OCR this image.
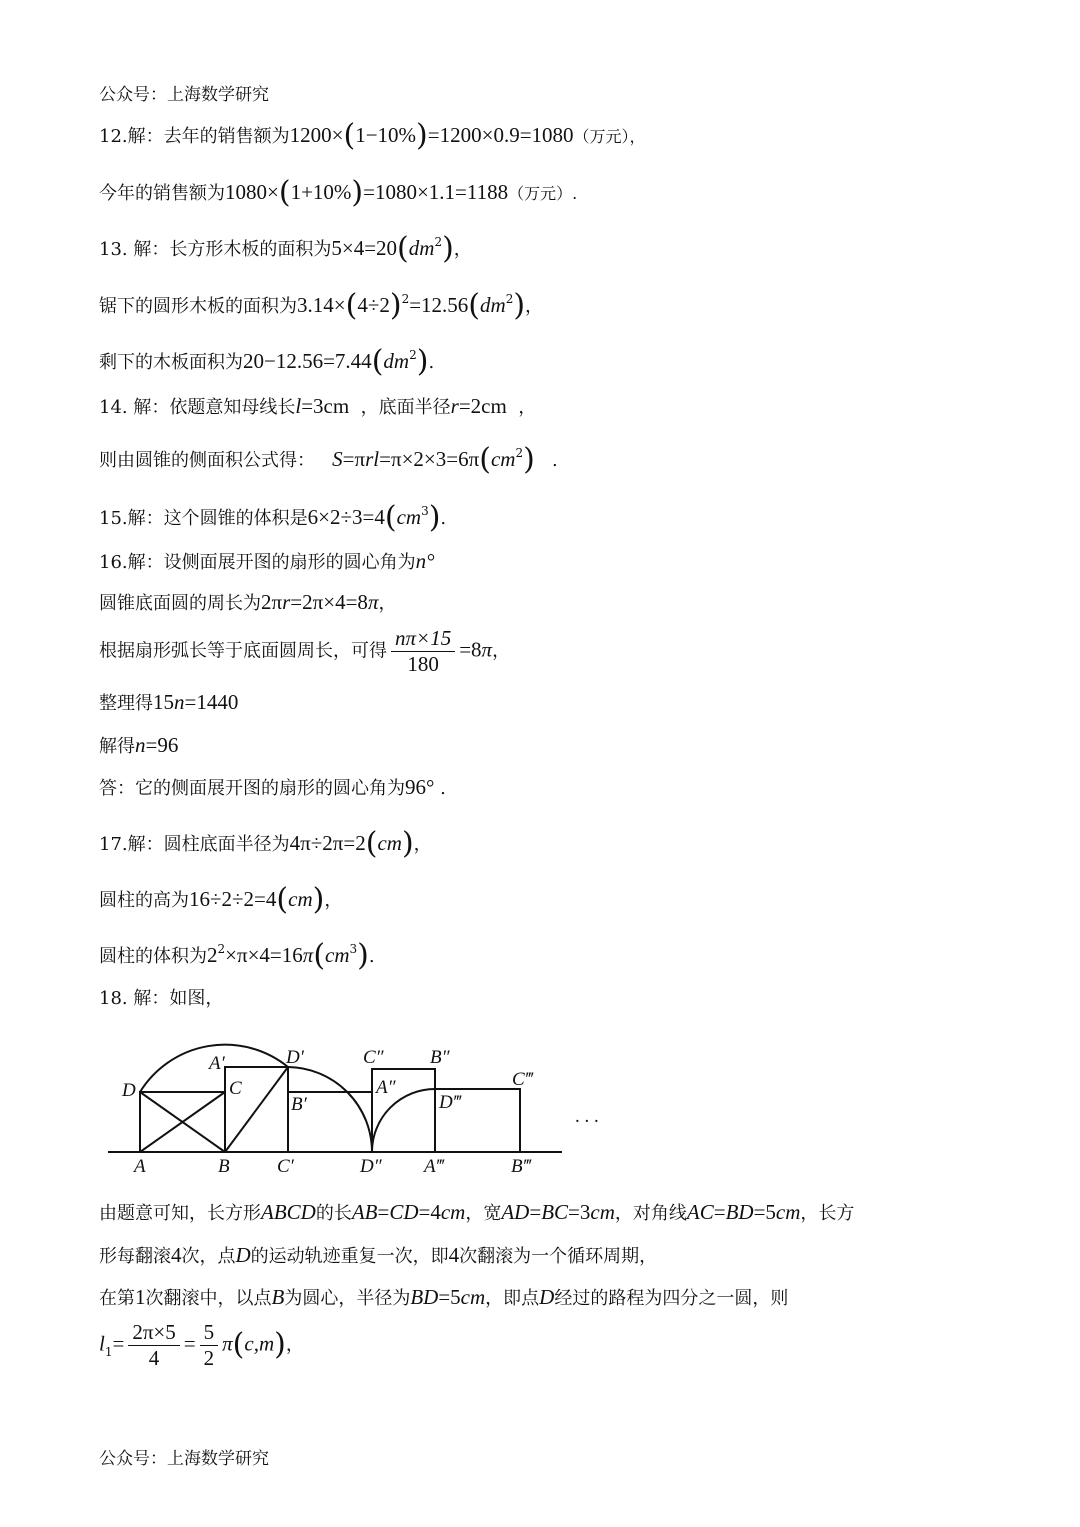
公众号：上海数学研究
12.解：去年的销售额为1200×(1−10%)=1200×0.9=1080（万元），
今年的销售额为1080×(1+10%)=1080×1.1=1188（万元）.
13. 解：长方形木板的面积为$5\times 4=20(dm^2)$，
锯下的圆形木板的面积为$3.14\times(4\div 2)^2=12.56(dm^2)$，
剩下的木板面积为$20-12.56=7.44(dm^2)$.
14. 解：依题意知母线长l=3cm ，底面半径r=2cm ，
则由圆锥的侧面积公式得： $S=\pi rl=\pi\times 2\times 3=6\pi(cm^2)$ .
15.解：这个圆锥的体积是$6\times 2\div 3=4(cm^3)$.
16.解：设侧面展开图的扇形的圆心角为n°
圆锥底面圆的周长为2πr=2π×4=8π，
根据扇形弧长等于底面圆周长，可得 $\frac{n\pi\times 15}{180} =8\pi$，
整理得15n=1440
解得n=96
答：它的侧面展开图的扇形的圆心角为96° .
17.解：圆柱底面半径为4π÷2π=2(cm)，
圆柱的高为16÷2÷2=4(cm)，
圆柱的体积为$2^2\times\pi\times 4=16\pi(cm^3)$.
18. 解：如图，
A′	D′	C″ B″
D	C	A″	C‴
B′	D‴
A	B C′	D″ A‴	B‴
. . .
由题意可知，长方形ABCD的长AB=CD=4cm，宽AD=BC=3cm，对角线AC=BD=5cm，长方
形每翻滚4次，点D的运动轨迹重复一次，即4次翻滚为一个循环周期，
在第1次翻滚中，以点B为圆心，半径为BD=5cm，即点D经过的路程为四分之一圆，则
$l_1= \frac{2\pi\times 5}{4} = \frac{5}{2} \pi(c,m)$，
公众号：上海数学研究
